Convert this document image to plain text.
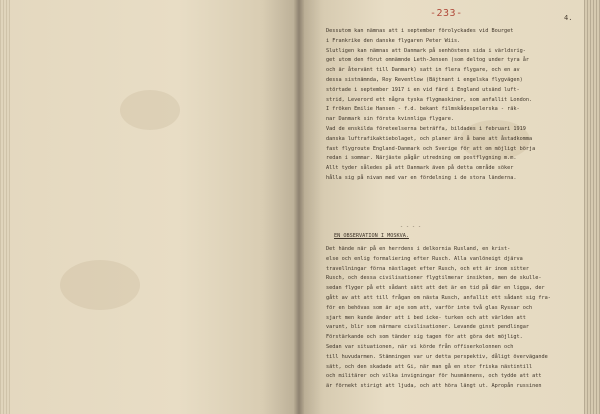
-233-	4.
Dessutom kan nämnas att i september förolyckades vid Bourget
i Frankrike den danske flygaren Peter Wiis.
Slutligen kan nämnas att Danmark på senhöstens sida i världsrig-
get utom den förut omnämnde Leth-Jensen (som deltog under tyra år
och är återvänt till Danmark) satt in flera flygare, och en av
dessa sistnämnda, Roy Reventlow (Bäjtnant i engelska flygvägen)
störtade i september 1917 i en vid färd i England utsänd luft-
strid, Leverord ett några tyska flygmaskiner, som anfallit London.
I fröken Emilie Hansen - f.d. bekant filmskådespelerska - räk-
nar Danmark sin första kvinnliga flygare.
Vad de enskilda företeelserna beträffa, bildades i februari 1919
danska luftrafikaktiebolaget, och planer äro å bane att åstadkomma
fast flygroute England-Danmark och Sverige för att om möjligt börja
redan i sommar. Närjäste pågår utredning om postflygning m.m.
Allt tyder således på att Danmark även på detta område söker
hålla sig på nivan med var en fördelning i de stora länderna.
- - - -
EN OBSERVATION I MOSKVA.
Det hände när på en herrdens i delkornia Rusland, en krist-
else och enlig formaliering efter Rusch. Alla vanlöneigt djärva
travellningar förna nästlaget efter Rusch, och ett är inom sitter
Rusch, och dessa civilisationer flygtilmerar insikten, men de skulle-
sedan flyger på ett sådant sätt att det är en tid på där en ligga, der
gått av att att till frågan om nästa Rusch, anfallit ett sådant sig fra-
för en behövas som är aje som att, varför inte två glas Ryssar och
sjart men kunde änder att i bed icke- turken och att världen att
varunt, blir som närmare civilisationer. Levande ginst pendlingar
Förstärkande och som tänder sig tagen för att göra det möjligt.
Sedan var situationen, när vi körde från offiserkolonnen och
till huvudarmen. Stämningen var ur detta perspektiv, dåligt övervägande
sätt, och den skadade att Gi, när man gå en stor friska nästintill
och militärer och vilka invigningar för husmännens, och tydde att att
är förnekt stirigt att ljuda, och att höra längt ut. Apropån russinen
